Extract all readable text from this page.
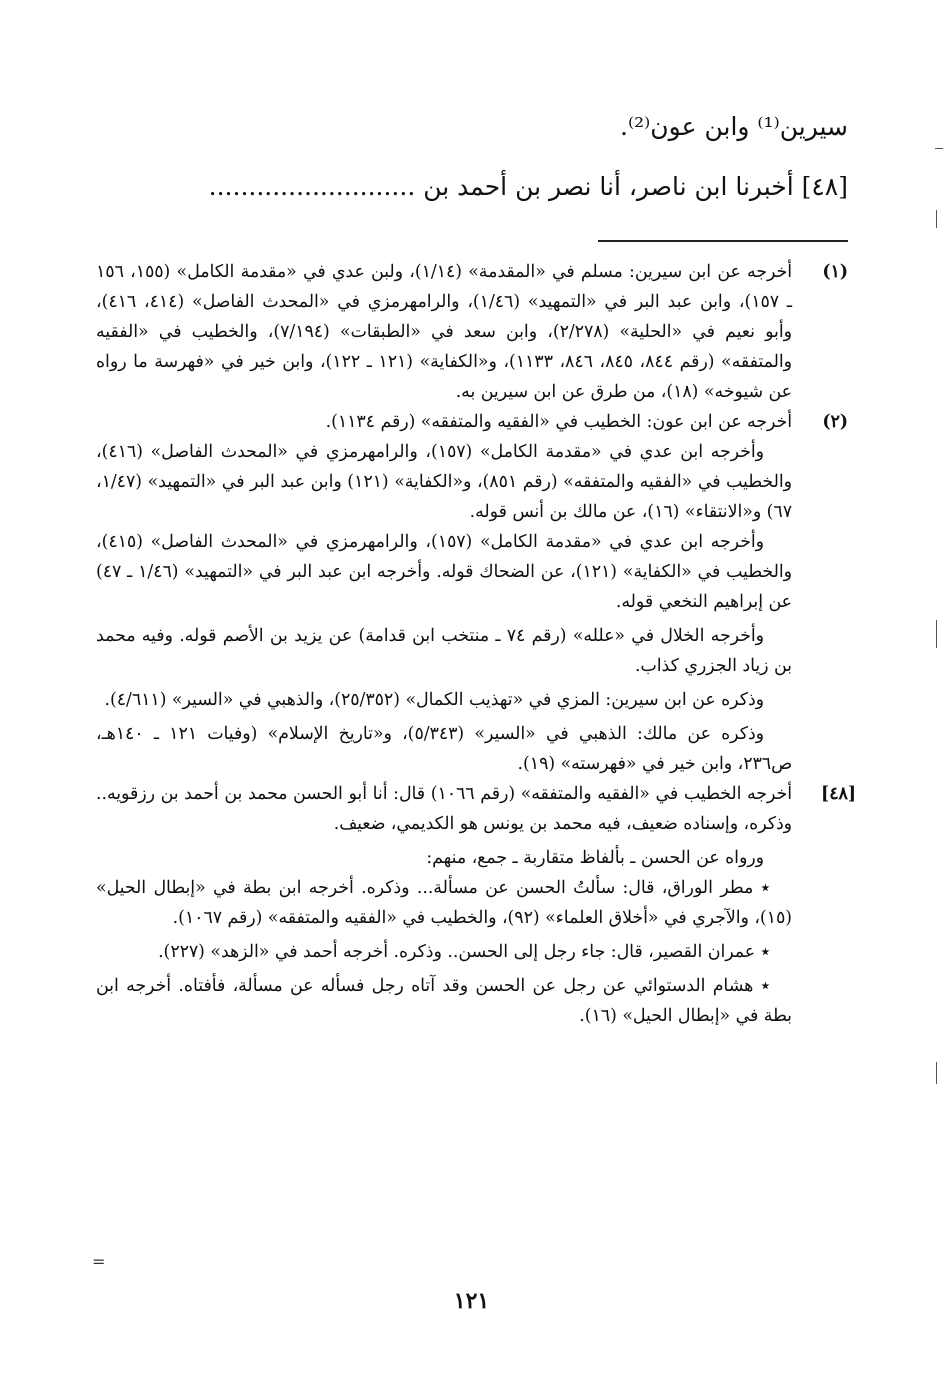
سيرين⁽¹⁾ وابن عون⁽²⁾.
[٤٨] أخبرنا ابن ناصر، أنا نصر بن أحمد بن ..........................
(١)
أخرجه عن ابن سيرين: مسلم في «المقدمة» (١/١٤)، ولبن عدي في «مقدمة الكامل» (١٥٥، ١٥٦ ـ ١٥٧)، وابن عبد البر في «التمهيد» (١/٤٦)، والرامهرمزي في «المحدث الفاصل» (٤١٤، ٤١٦)، وأبو نعيم في «الحلية» (٢/٢٧٨)، وابن سعد في «الطبقات» (٧/١٩٤)، والخطيب في «الفقيه والمتفقه» (رقم ٨٤٤، ٨٤٥، ٨٤٦، ١١٣٣)، و«الكفاية» (١٢١ ـ ١٢٢)، وابن خير في «فهرسة ما رواه عن شيوخه» (١٨)، من طرق عن ابن سيرين به.
(٢)
أخرجه عن ابن عون: الخطيب في «الفقيه والمتفقه» (رقم ١١٣٤).
وأخرجه ابن عدي في «مقدمة الكامل» (١٥٧)، والرامهرمزي في «المحدث الفاصل» (٤١٦)، والخطيب في «الفقيه والمتفقه» (رقم ٨٥١)، و«الكفاية» (١٢١) وابن عبد البر في «التمهيد» (١/٤٧، ٦٧) و«الانتقاء» (١٦)، عن مالك بن أنس قوله.
وأخرجه ابن عدي في «مقدمة الكامل» (١٥٧)، والرامهرمزي في «المحدث الفاصل» (٤١٥)، والخطيب في «الكفاية» (١٢١)، عن الضحاك قوله. وأخرجه ابن عبد البر في «التمهيد» (١/٤٦ ـ ٤٧) عن إبراهيم النخعي قوله.
وأخرجه الخلال في «علله» (رقم ٧٤ ـ منتخب ابن قدامة) عن يزيد بن الأصم قوله. وفيه محمد بن زياد الجزري كذاب.
وذكره عن ابن سيرين: المزي في «تهذيب الكمال» (٢٥/٣٥٢)، والذهبي في «السير» (٤/٦١١).
وذكره عن مالك: الذهبي في «السير» (٥/٣٤٣)، و«تاريخ الإسلام» (وفيات ١٢١ ـ ١٤٠هـ، ص٢٣٦، وابن خير في «فهرسته» (١٩).
[٤٨]
أخرجه الخطيب في «الفقيه والمتفقه» (رقم ١٠٦٦) قال: أنا أبو الحسن محمد بن أحمد بن رزقويه.. وذكره، وإسناده ضعيف، فيه محمد بن يونس هو الكديمي، ضعيف.
ورواه عن الحسن ـ بألفاظ متقاربة ـ جمع، منهم:
٭ مطر الوراق، قال: سألتُ الحسن عن مسألة... وذكره. أخرجه ابن بطة في «إبطال الحيل» (١٥)، والآجري في «أخلاق العلماء» (٩٢)، والخطيب في «الفقيه والمتفقه» (رقم ١٠٦٧).
٭ عمران القصير، قال: جاء رجل إلى الحسن.. وذكره. أخرجه أحمد في «الزهد» (٢٢٧).
٭ هشام الدستوائي عن رجل عن الحسن وقد آتاه رجل فسأله عن مسألة، فأفتاه. أخرجه ابن بطة في «إبطال الحيل» (١٦).
=
١٢١
